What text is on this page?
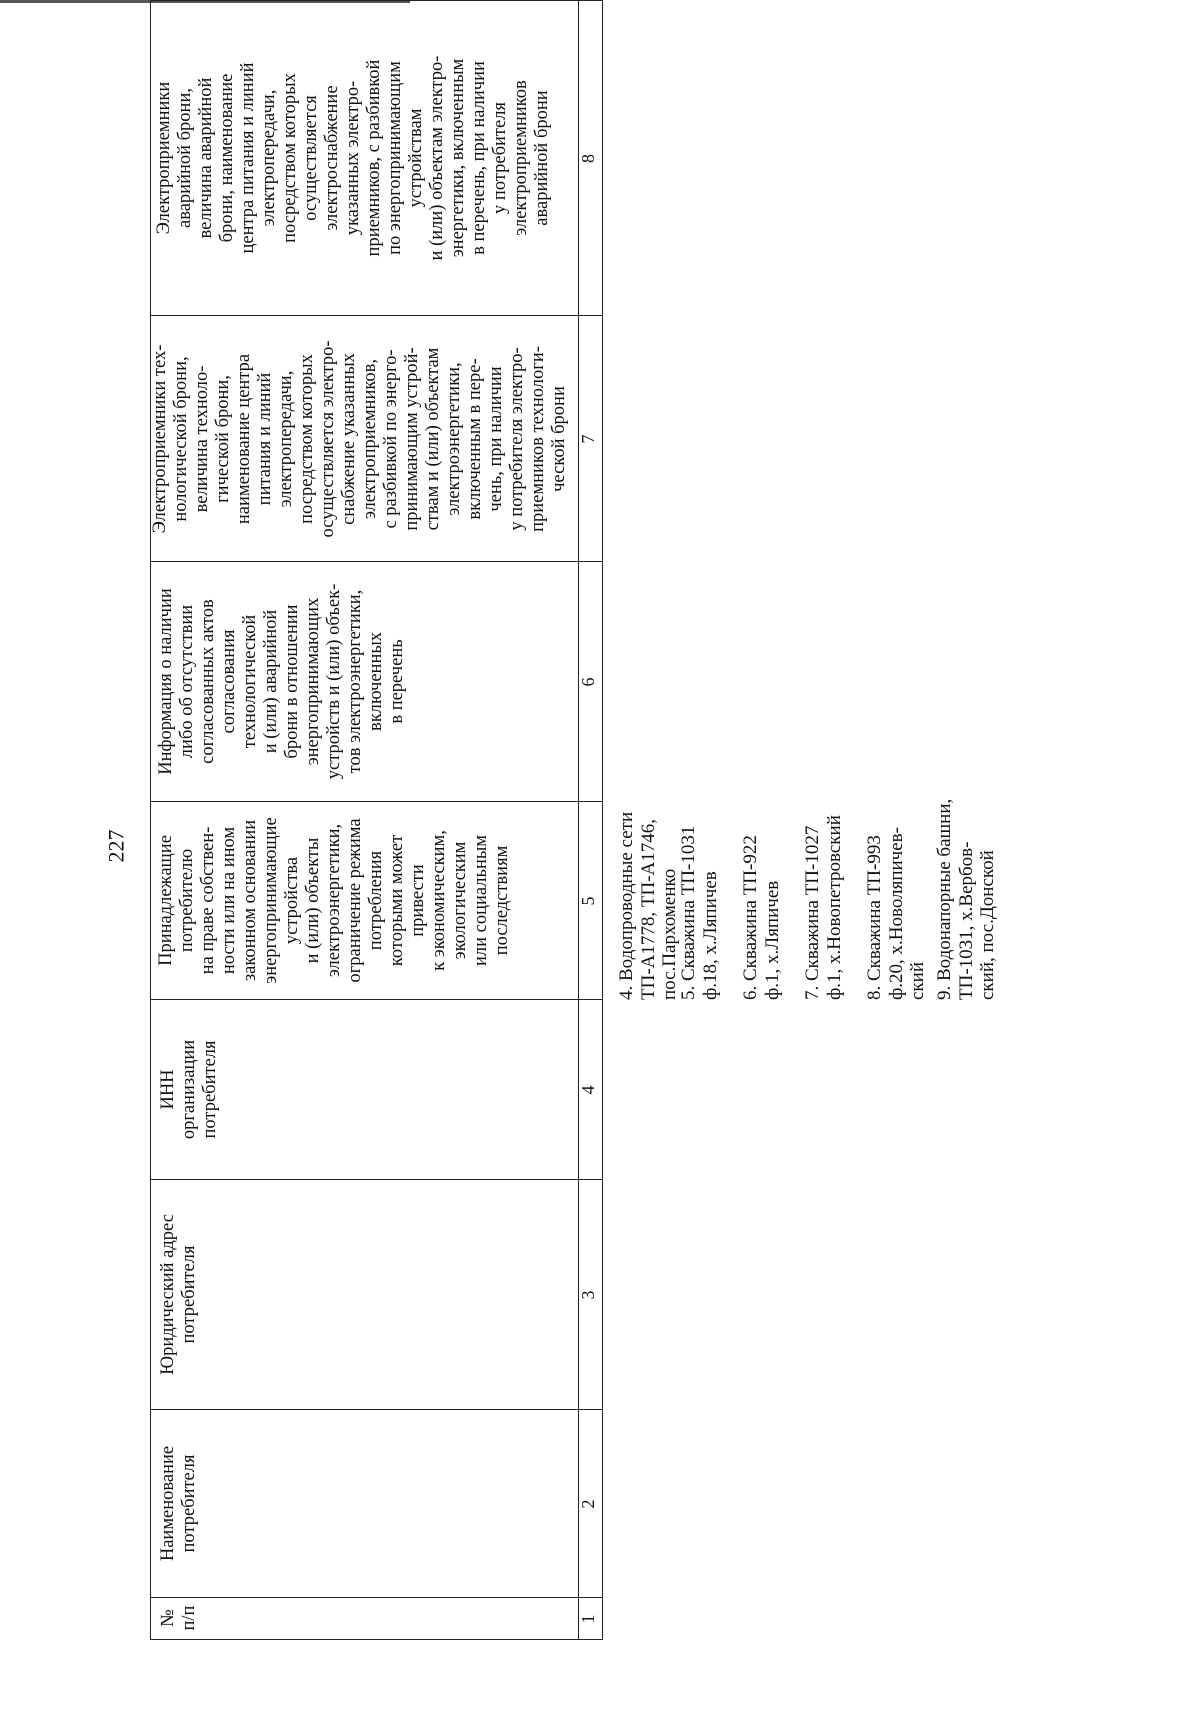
227
№
п/п
Наименование
потребителя
Юридический адрес
потребителя
ИНН
организации
потребителя
Принадлежащие
потребителю
на праве собствен-
ности или на ином
законном основании
энергопринимающие
устройства
и (или) объекты
электроэнергетики,
ограничение режима
потребления
которыми может
привести
к экономическим,
экологическим
или социальным
последствиям
Информация о наличии
либо об отсутствии
согласованных актов
согласования
технологической
и (или) аварийной
брони в отношении
энергопринимающих
устройств и (или) объек-
тов электроэнергетики,
включенных
в перечень
Электроприемники тех-
нологической брони,
величина техноло-
гической брони,
наименование центра
питания и линий
электропередачи,
посредством которых
осуществляется электро-
снабжение указанных
электроприемников,
с разбивкой по энерго-
принимающим устрой-
ствам и (или) объектам
электроэнергетики,
включенным в пере-
чень, при наличии
у потребителя электро-
приемников технологи-
ческой брони
1
2
3
4
5
6
7
8
Электроприемники
аварийной брони,
величина аварийной
брони, наименование
центра питания и линий
электропередачи,
посредством которых
осуществляется
электроснабжение
указанных электро-
приемников, с разбивкой
по энергопринимающим
устройствам
и (или) объектам электро-
энергетики, включенным
в перечень, при наличии
у потребителя
электроприемников
аварийной брони
4. Водопроводные сети
ТП-А1778, ТП-А1746,
пос.Пархоменко
5. Скважина ТП-1031
ф.18, х.Ляпичев
6. Скважина ТП-922
ф.1, х.Ляпичев
7. Скважина ТП-1027
ф.1, х.Новопетровский
8. Скважина ТП-993
ф.20, х.Новоляпичев-
ский 9. Водонапорные башни,
ТП-1031, х.Вербов-
ский, пос.Донской
